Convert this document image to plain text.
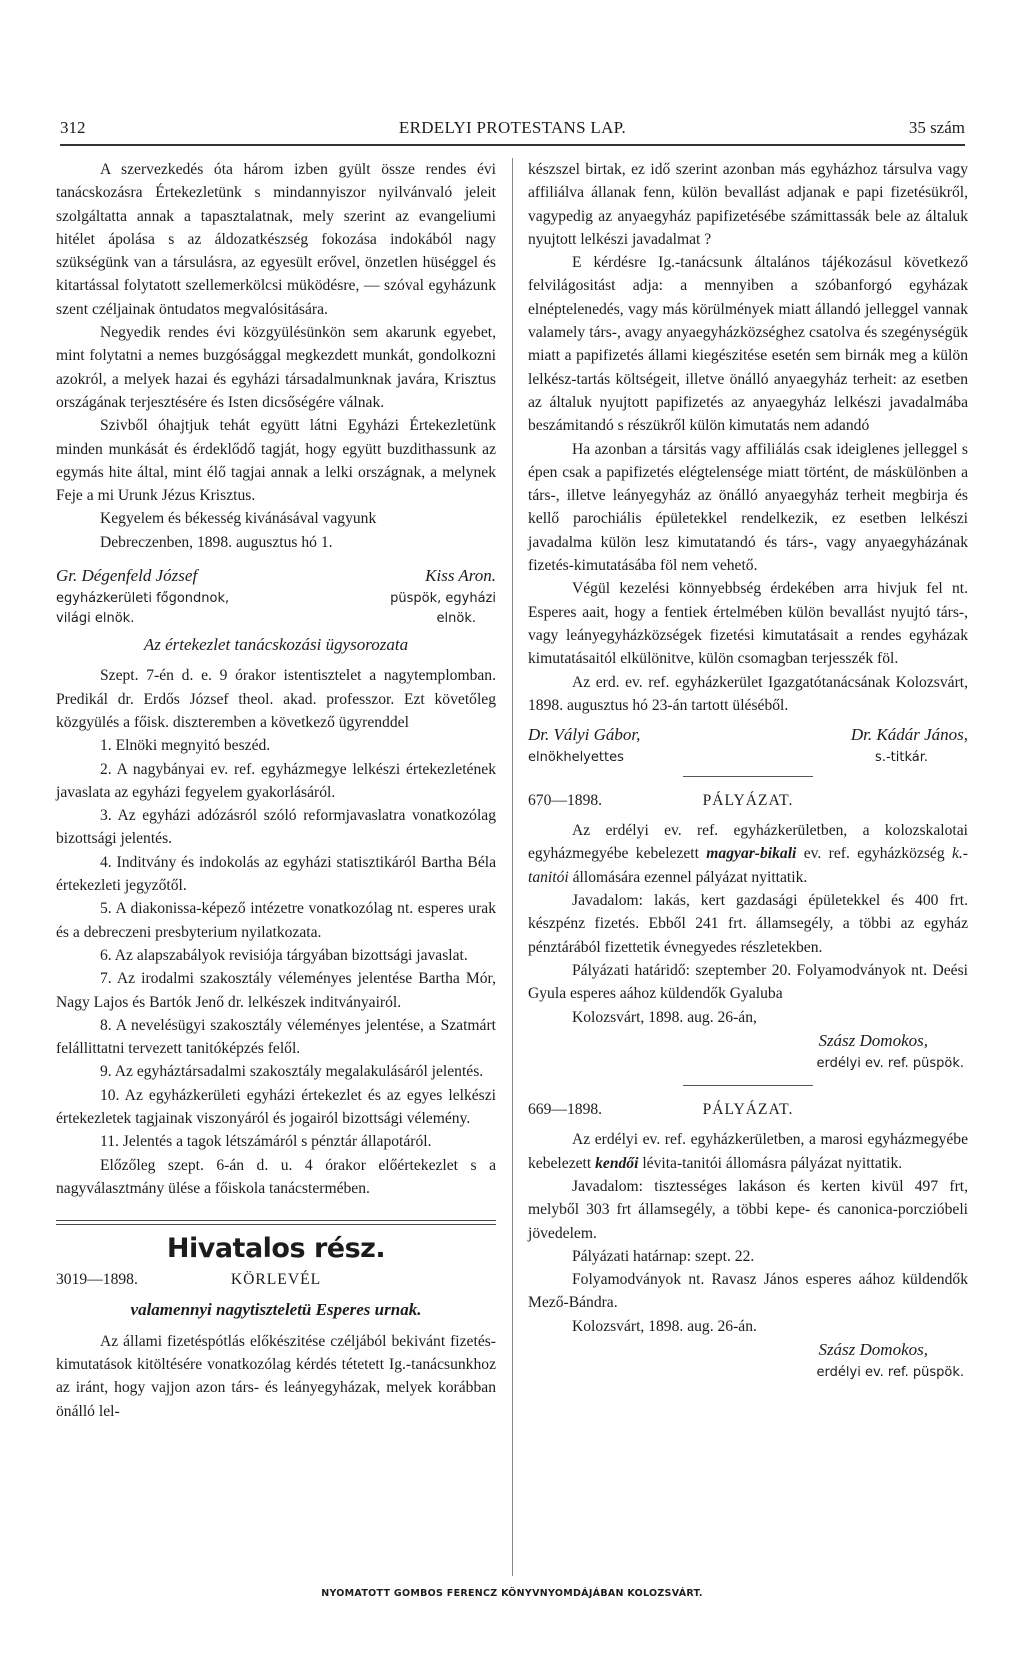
312	ERDELYI PROTESTANS LAP.	35 szám

A szervezkedés óta három izben gyült össze rendes évi tanácskozásra Értekezletünk s mindannyiszor nyilvánvaló jeleit szolgáltatta annak a tapasztalatnak, mely szerint az evangeliumi hitélet ápolása s az áldozatkészség fokozása indokából nagy szükségünk van a társulásra, az egyesült erővel, önzetlen hüséggel és kitartással folytatott szellemerkölcsi müködésre, — szóval egyházunk szent czéljainak öntudatos megvalósitására.

Negyedik rendes évi közgyülésünkön sem akarunk egyebet, mint folytatni a nemes buzgósággal megkezdett munkát, gondolkozni azokról, a melyek hazai és egyházi társadalmunknak javára, Krisztus országának terjesztésére és Isten dicsőségére válnak.

Szivből óhajtjuk tehát együtt látni Egyházi Értekezletünk minden munkását és érdeklődő tagját, hogy együtt buzdithassunk az egymás hite által, mint élő tagjai annak a lelki országnak, a melynek Feje a mi Urunk Jézus Krisztus.

Kegyelem és békesség kivánásával vagyunk

Debreczenben, 1898. augusztus hó 1.

Gr. Dégenfeld József	Kiss Aron.
egyházkerületi főgondnok,	püspök, egyházi
világi elnök.	elnök.
Az értekezlet tanácskozási ügysorozata

Szept. 7-én d. e. 9 órakor istentisztelet a nagytemplomban. Predikál dr. Erdős József theol. akad. professzor. Ezt követőleg közgyülés a főisk. diszteremben a következő ügyrenddel

1. Elnöki megnyitó beszéd.

2. A nagybányai ev. ref. egyházmegye lelkészi értekezletének javaslata az egyházi fegyelem gyakorlásáról.

3. Az egyházi adózásról szóló reformjavaslatra vonatkozólag bizottsági jelentés.

4. Inditvány és indokolás az egyházi statisztikáról Bartha Béla értekezleti jegyzőtől.

5. A diakonissa-képező intézetre vonatkozólag nt. esperes urak és a debreczeni presbyterium nyilatkozata.

6. Az alapszabályok revisiója tárgyában bizottsági javaslat.

7. Az irodalmi szakosztály véleményes jelentése Bartha Mór, Nagy Lajos és Bartók Jenő dr. lelkészek inditványairól.

8. A nevelésügyi szakosztály véleményes jelentése, a Szatmárt felállittatni tervezett tanitóképzés felől.

9. Az egyháztársadalmi szakosztály megalakulásáról jelentés.

10. Az egyházkerületi egyházi értekezlet és az egyes lelkészi értekezletek tagjainak viszonyáról és jogairól bizottsági vélemény.

11. Jelentés a tagok létszámáról s pénztár állapotáról.

Előzőleg szept. 6-án d. u. 4 órakor előértekezlet s a nagyválasztmány ülése a főiskola tanácstermében.

Hivatalos rész.
3019—1898.	KÖRLEVÉL
valamennyi nagytiszteletü Esperes urnak.

Az állami fizetéspótlás előkészitése czéljából bekivánt fizetés-kimutatások kitöltésére vonatkozólag kérdés tétetett Ig.-tanácsunkhoz az iránt, hogy vajjon azon társ- és leányegyházak, melyek korábban önálló lel-

készszel birtak, ez idő szerint azonban más egyházhoz társulva vagy affiliálva állanak fenn, külön bevallást adjanak e papi fizetésükről, vagypedig az anyaegyház papifizetésébe számittassák bele az általuk nyujtott lelkészi javadalmat ?

E kérdésre Ig.-tanácsunk általános tájékozásul következő felvilágositást adja: a mennyiben a szóbanforgó egyházak elnéptelenedés, vagy más körülmények miatt állandó jelleggel vannak valamely társ-, avagy anyaegyházközséghez csatolva és szegénységük miatt a papifizetés állami kiegészitése esetén sem birnák meg a külön lelkész-tartás költségeit, illetve önálló anyaegyház terheit: az esetben az általuk nyujtott papifizetés az anyaegyház lelkészi javadalmába beszámitandó s részükről külön kimutatás nem adandó

Ha azonban a társitás vagy affiliálás csak ideiglenes jelleggel s épen csak a papifizetés elégtelensége miatt történt, de máskülönben a társ-, illetve leányegyház az önálló anyaegyház terheit megbirja és kellő parochiális épületekkel rendelkezik, ez esetben lelkészi javadalma külön lesz kimutatandó és társ-, vagy anyaegyházának fizetés-kimutatásába föl nem vehető.

Végül kezelési könnyebbség érdekében arra hivjuk fel nt. Esperes aait, hogy a fentiek értelmében külön bevallást nyujtó társ-, vagy leányegyházközségek fizetési kimutatásait a rendes egyházak kimutatásaitól elkülönitve, külön csomagban terjesszék föl.

Az erd. ev. ref. egyházkerület Igazgatótanácsának Kolozsvárt, 1898. augusztus hó 23-án tartott üléséből.

Dr. Vályi Gábor,	Dr. Kádár János,
elnökhelyettes	s.-titkár.
670—1898.	PÁLYÁZAT.

Az erdélyi ev. ref. egyházkerületben, a kolozskalotai egyházmegyébe kebelezett magyar-bikali ev. ref. egyházközség k.-tanitói állomására ezennel pályázat nyittatik.

Javadalom: lakás, kert gazdasági épületekkel és 400 frt. készpénz fizetés. Ebből 241 frt. államsegély, a többi az egyház pénztárából fizettetik évnegyedes részletekben.

Pályázati határidő: szeptember 20. Folyamodványok nt. Deési Gyula esperes aához küldendők Gyaluba

Kolozsvárt, 1898. aug. 26-án,

Szász Domokos,
erdélyi ev. ref. püspök.
669—1898.	PÁLYÁZAT.

Az erdélyi ev. ref. egyházkerületben, a marosi egyházmegyébe kebelezett kendői lévita-tanitói állomásra pályázat nyittatik.

Javadalom: tisztességes lakáson és kerten kivül 497 frt, melyből 303 frt államsegély, a többi kepe- és canonica-porczióbeli jövedelem.

Pályázati határnap: szept. 22.

Folyamodványok nt. Ravasz János esperes aához küldendők Mező-Bándra.

Kolozsvárt, 1898. aug. 26-án.

Szász Domokos,
erdélyi ev. ref. püspök.
NYOMATOTT GOMBOS FERENCZ KÖNYVNYOMDÁJÁBAN KOLOZSVÁRT.
